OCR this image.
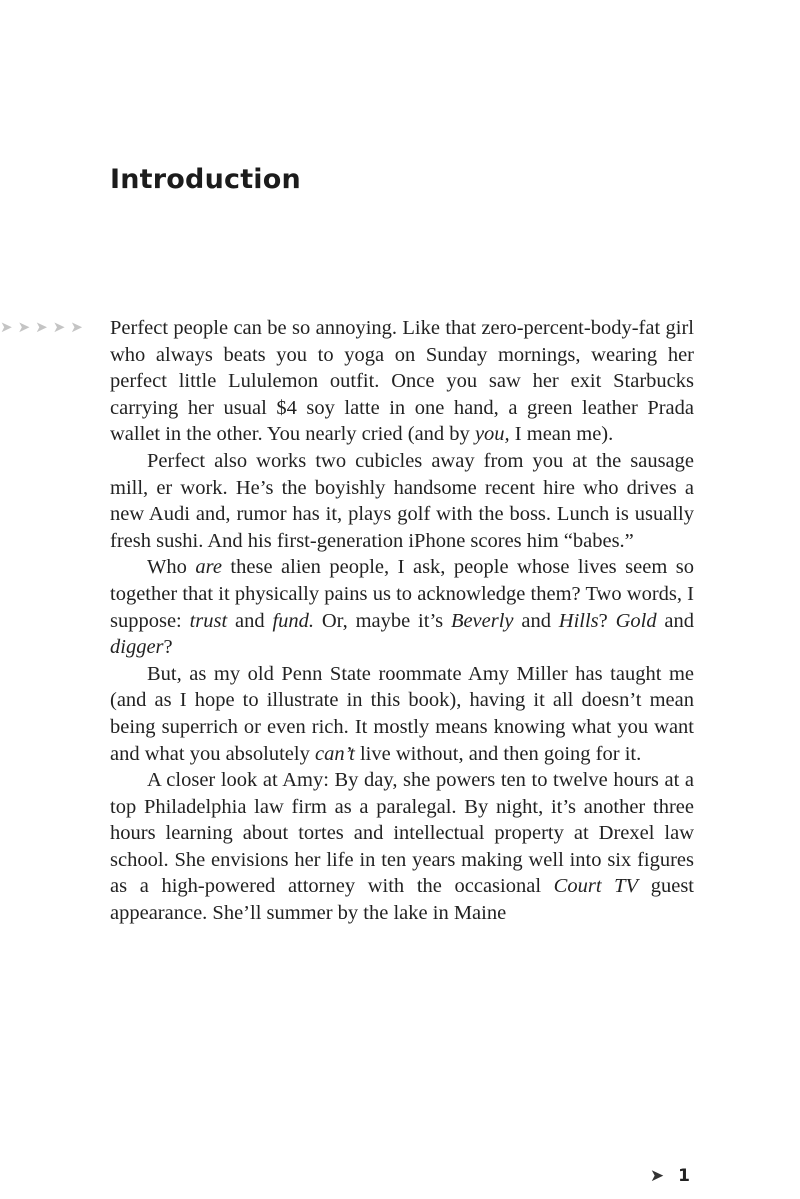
Introduction
➤➤➤➤➤ Perfect people can be so annoying. Like that zero-percent-body-fat girl who always beats you to yoga on Sunday mornings, wearing her perfect little Lululemon outfit. Once you saw her exit Starbucks carrying her usual $4 soy latte in one hand, a green leather Prada wallet in the other. You nearly cried (and by you, I mean me).

Perfect also works two cubicles away from you at the sausage mill, er work. He’s the boyishly handsome recent hire who drives a new Audi and, rumor has it, plays golf with the boss. Lunch is usually fresh sushi. And his first-generation iPhone scores him “babes.”

Who are these alien people, I ask, people whose lives seem so together that it physically pains us to acknowledge them? Two words, I suppose: trust and fund. Or, maybe it’s Beverly and Hills? Gold and digger?

But, as my old Penn State roommate Amy Miller has taught me (and as I hope to illustrate in this book), having it all doesn’t mean being superrich or even rich. It mostly means knowing what you want and what you absolutely can’t live without, and then going for it.

A closer look at Amy: By day, she powers ten to twelve hours at a top Philadelphia law firm as a paralegal. By night, it’s another three hours learning about tortes and intellectual property at Drexel law school. She envisions her life in ten years making well into six figures as a high-powered attorney with the occasional Court TV guest appearance. She’ll summer by the lake in Maine

➤ 1
